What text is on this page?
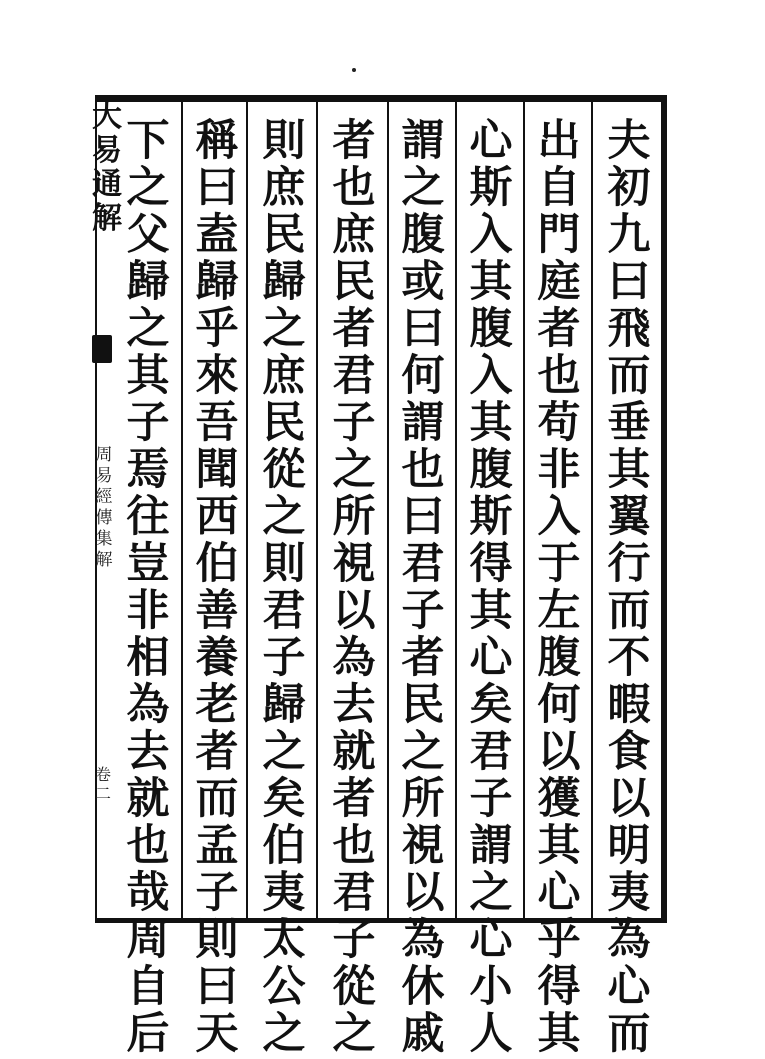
大
易
通
解
周
易
經
傳
集
解
卷
二
夫
初
九
曰
飛
而
垂
其
翼
行
而
不
暇
食
以
明
夷
為
心
而
出
自
門
庭
者
也
苟
非
入
于
左
腹
何
以
獲
其
心
乎
得
其
心
斯
入
其
腹
入
其
腹
斯
得
其
心
矣
君
子
謂
之
心
小
人
謂
之
腹
或
曰
何
謂
也
曰
君
子
者
民
之
所
視
以
為
休
戚
者
也
庶
民
者
君
子
之
所
視
以
為
去
就
者
也
君
子
從
之
則
庶
民
歸
之
庶
民
從
之
則
君
子
歸
之
矣
伯
夷
太
公
之
稱
曰
盍
歸
乎
來
吾
聞
西
伯
善
養
老
者
而
孟
子
則
曰
天
下
之
父
歸
之
其
子
焉
往
豈
非
相
為
去
就
也
哉
周
自
后
